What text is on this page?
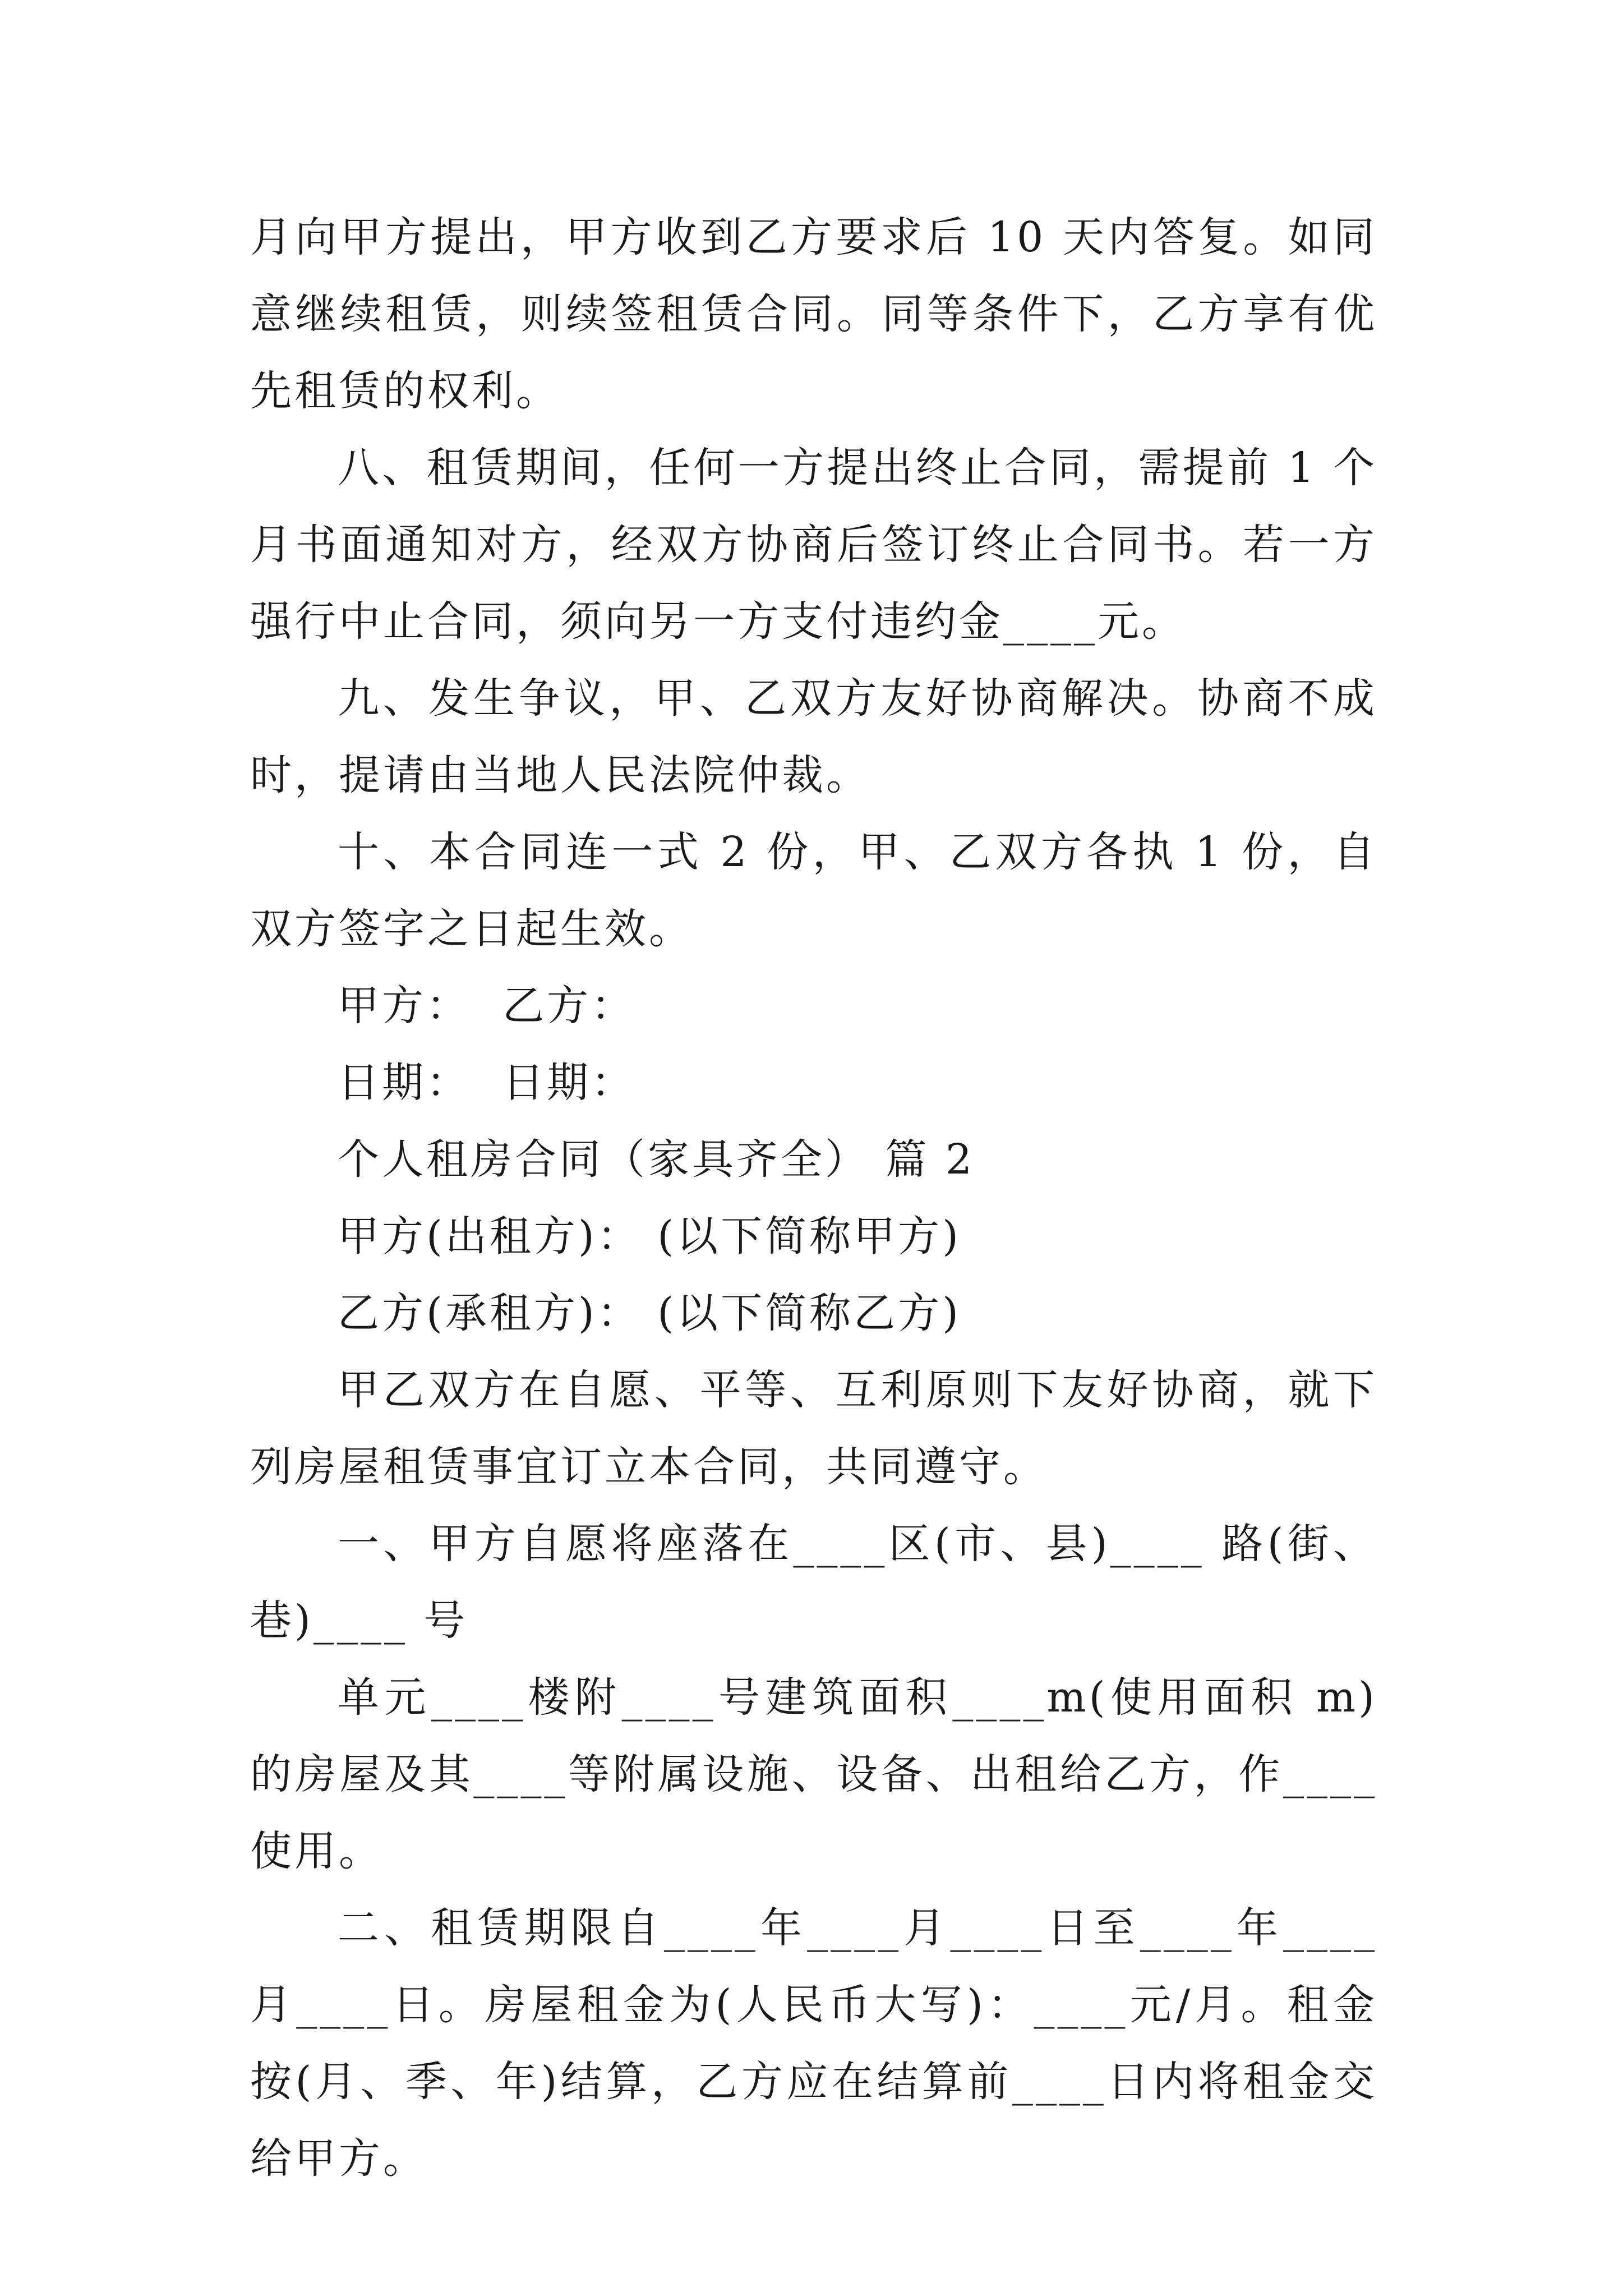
月向甲方提出，甲方收到乙方要求后 10 天内答复。如同意继续租赁，则续签租赁合同。同等条件下，乙方享有优先租赁的权利。

八、租赁期间，任何一方提出终止合同，需提前 1 个月书面通知对方，经双方协商后签订终止合同书。若一方强行中止合同，须向另一方支付违约金____元。

九、发生争议，甲、乙双方友好协商解决。协商不成时，提请由当地人民法院仲裁。

十、本合同连一式 2 份，甲、乙双方各执 1 份，自双方签字之日起生效。

甲方：  乙方：

日期：  日期：

个人租房合同（家具齐全） 篇 2

甲方(出租方)： (以下简称甲方)

乙方(承租方)： (以下简称乙方)

甲乙双方在自愿、平等、互利原则下友好协商，就下列房屋租赁事宜订立本合同，共同遵守。

一、甲方自愿将座落在____区(市、县)____ 路(街、巷)____ 号

单元____楼附____号建筑面积____m(使用面积 m)的房屋及其____等附属设施、设备、出租给乙方，作____使用。

二、租赁期限自____年____月____日至____年____月____日。房屋租金为(人民币大写)：____元/月。租金按(月、季、年)结算，乙方应在结算前____日内将租金交给甲方。
